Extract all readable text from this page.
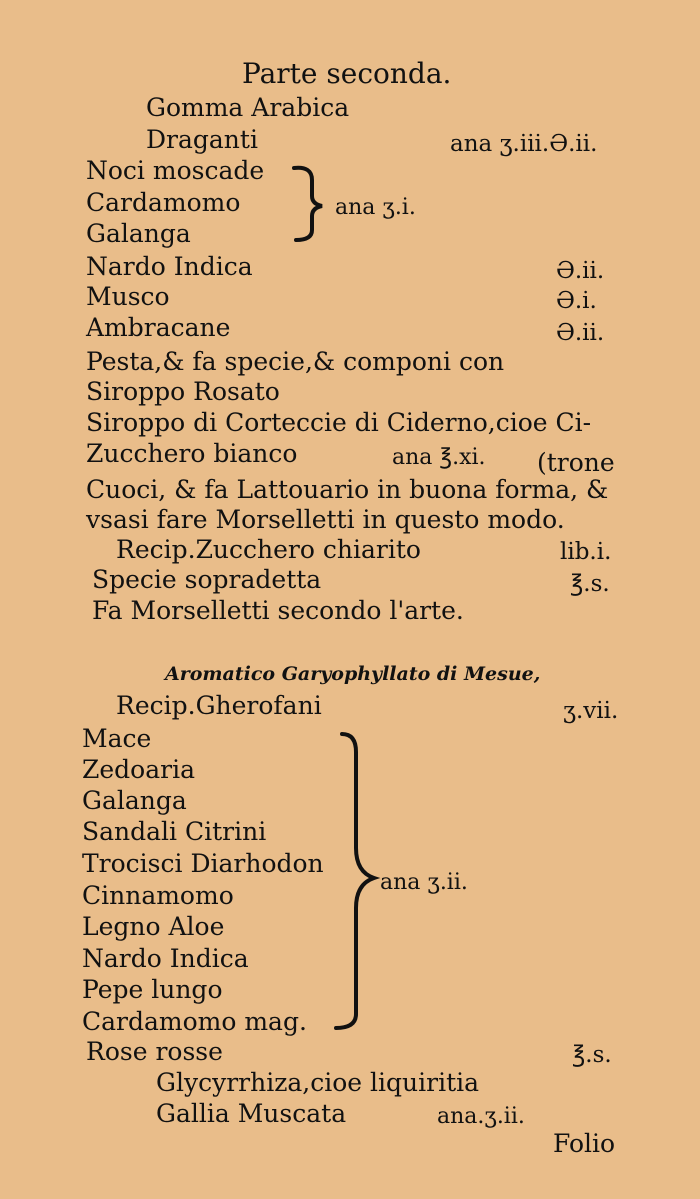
Parte seconda.
Gomma Arabica
Draganti	ana ʒ.iii.Ə.ii.
Noci moscade
Cardamomo
Galanga
ana ʒ.i.
Nardo Indica	Ə.ii.
Musco	Ə.i.
Ambracane	Ə.ii.
Pesta,& fa specie,& componi con
Siroppo Rosato
Siroppo di Corteccie di Ciderno,cioe Ci-
Zucchero bianco	ana ℥.xi. (trone
Cuoci, & fa Lattouario in buona forma, &
vsasi fare Morselletti in questo modo.
Recip.Zucchero chiarito	lib.i.
Specie sopradetta	℥.s.
Fa Morselletti secondo l'arte.
Aromatico Garyophyllato di Mesue,
Recip.Gherofani	ʒ.vii.
Mace
Zedoaria
Galanga
Sandali Citrini
Trocisci Diarhodon
Cinnamomo
Legno Aloe
Nardo Indica
Pepe lungo
Cardamomo mag.
ana ʒ.ii.
Rose rosse	℥.s.
Glycyrrhiza,cioe liquiritia
Gallia Muscata	ana.ʒ.ii.
Folio
